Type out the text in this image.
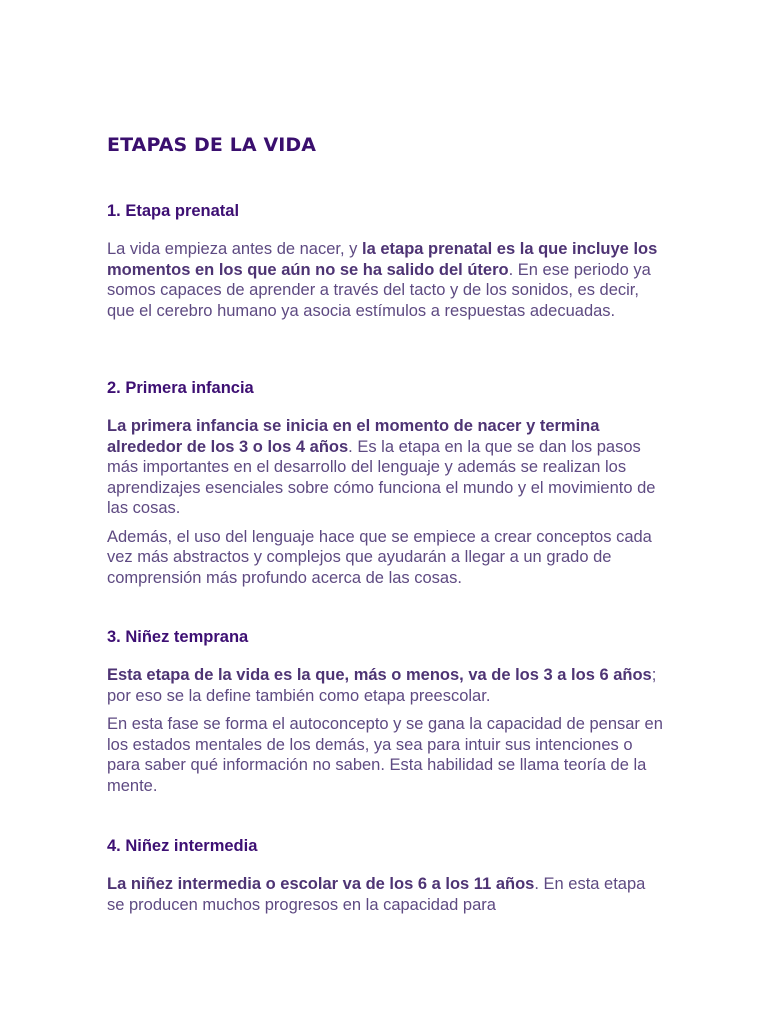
ETAPAS DE LA VIDA
1. Etapa prenatal

La vida empieza antes de nacer, y la etapa prenatal es la que incluye los momentos en los que aún no se ha salido del útero. En ese periodo ya somos capaces de aprender a través del tacto y de los sonidos, es decir, que el cerebro humano ya asocia estímulos a respuestas adecuadas.

2. Primera infancia

La primera infancia se inicia en el momento de nacer y termina alrededor de los 3 o los 4 años. Es la etapa en la que se dan los pasos más importantes en el desarrollo del lenguaje y además se realizan los aprendizajes esenciales sobre cómo funciona el mundo y el movimiento de las cosas.

Además, el uso del lenguaje hace que se empiece a crear conceptos cada vez más abstractos y complejos que ayudarán a llegar a un grado de comprensión más profundo acerca de las cosas.

3. Niñez temprana

Esta etapa de la vida es la que, más o menos, va de los 3 a los 6 años; por eso se la define también como etapa preescolar.

En esta fase se forma el autoconcepto y se gana la capacidad de pensar en los estados mentales de los demás, ya sea para intuir sus intenciones o para saber qué información no saben. Esta habilidad se llama teoría de la mente.

4. Niñez intermedia

La niñez intermedia o escolar va de los 6 a los 11 años. En esta etapa se producen muchos progresos en la capacidad para
